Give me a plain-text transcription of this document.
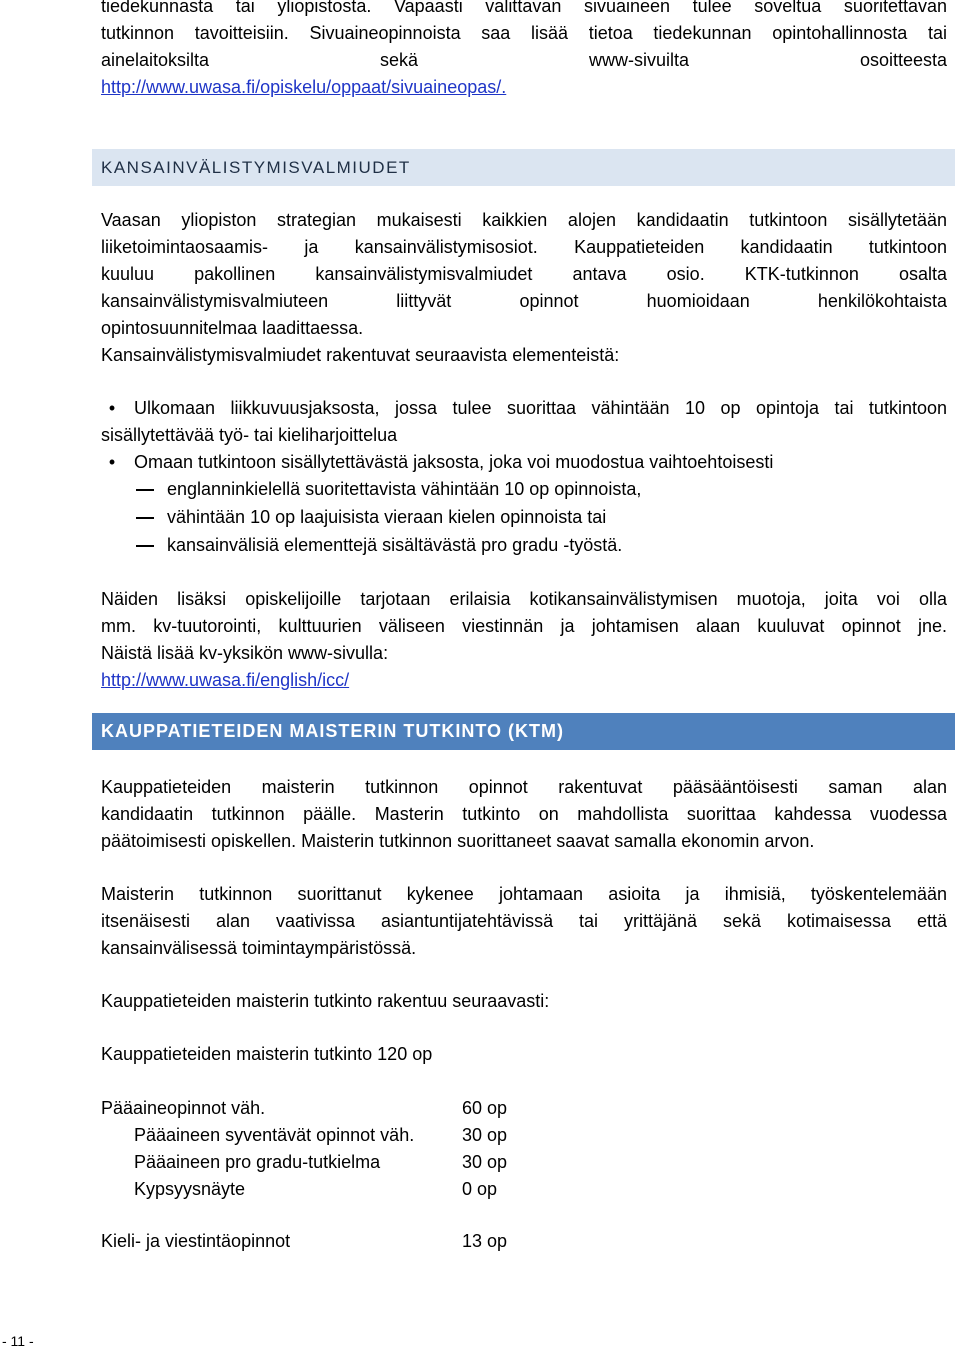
tiedekunnasta tai yliopistosta. Vapaasti valittavan sivuaineen tulee soveltua suoritettavan
tutkinnon tavoitteisiin. Sivuaineopinnoista saa lisää tietoa tiedekunnan opintohallinnosta tai
ainelaitoksilta sekä www-sivuilta osoitteesta
http://www.uwasa.fi/opiskelu/oppaat/sivuaineopas/.
KANSAINVÄLISTYMISVALMIUDET
Vaasan yliopiston strategian mukaisesti kaikkien alojen kandidaatin tutkintoon sisällytetään
liiketoimintaosaamis- ja kansainvälistymisosiot. Kauppatieteiden kandidaatin tutkintoon
kuuluu pakollinen kansainvälistymisvalmiudet antava osio. KTK-tutkinnon osalta
kansainvälistymisvalmiuteen liittyvät opinnot huomioidaan henkilökohtaista
opintosuunnitelmaa laadittaessa.
Kansainvälistymisvalmiudet rakentuvat seuraavista elementeistä:
•	Ulkomaan liikkuvuusjaksosta, jossa tulee suorittaa vähintään 10 op opintoja tai tutkintoon
sisällytettävää työ- tai kieliharjoittelua
•	Omaan tutkintoon sisällytettävästä jaksosta, joka voi muodostua vaihtoehtoisesti
englanninkielellä suoritettavista vähintään 10 op opinnoista,
vähintään 10 op laajuisista vieraan kielen opinnoista tai
kansainvälisiä elementtejä sisältävästä pro gradu -työstä.
Näiden lisäksi opiskelijoille tarjotaan erilaisia kotikansainvälistymisen muotoja, joita voi olla
mm. kv-tuutorointi, kulttuurien väliseen viestinnän ja johtamisen alaan kuuluvat opinnot jne.
Näistä lisää kv-yksikön www-sivulla:
http://www.uwasa.fi/english/icc/
KAUPPATIETEIDEN MAISTERIN TUTKINTO (KTM)
Kauppatieteiden maisterin tutkinnon opinnot rakentuvat pääsääntöisesti saman alan
kandidaatin tutkinnon päälle. Masterin tutkinto on mahdollista suorittaa kahdessa vuodessa
päätoimisesti opiskellen. Maisterin tutkinnon suorittaneet saavat samalla ekonomin arvon.
Maisterin tutkinnon suorittanut kykenee johtamaan asioita ja ihmisiä, työskentelemään
itsenäisesti alan vaativissa asiantuntijatehtävissä tai yrittäjänä sekä kotimaisessa että
kansainvälisessä toimintaympäristössä.
Kauppatieteiden maisterin tutkinto rakentuu seuraavasti:
Kauppatieteiden maisterin tutkinto 120 op
Pääaineopinnot väh.	60 op
Pääaineen syventävät opinnot väh.	30 op
Pääaineen pro gradu-tutkielma	30 op
Kypsyysnäyte	0 op
Kieli- ja viestintäopinnot	13 op
- 11 -
